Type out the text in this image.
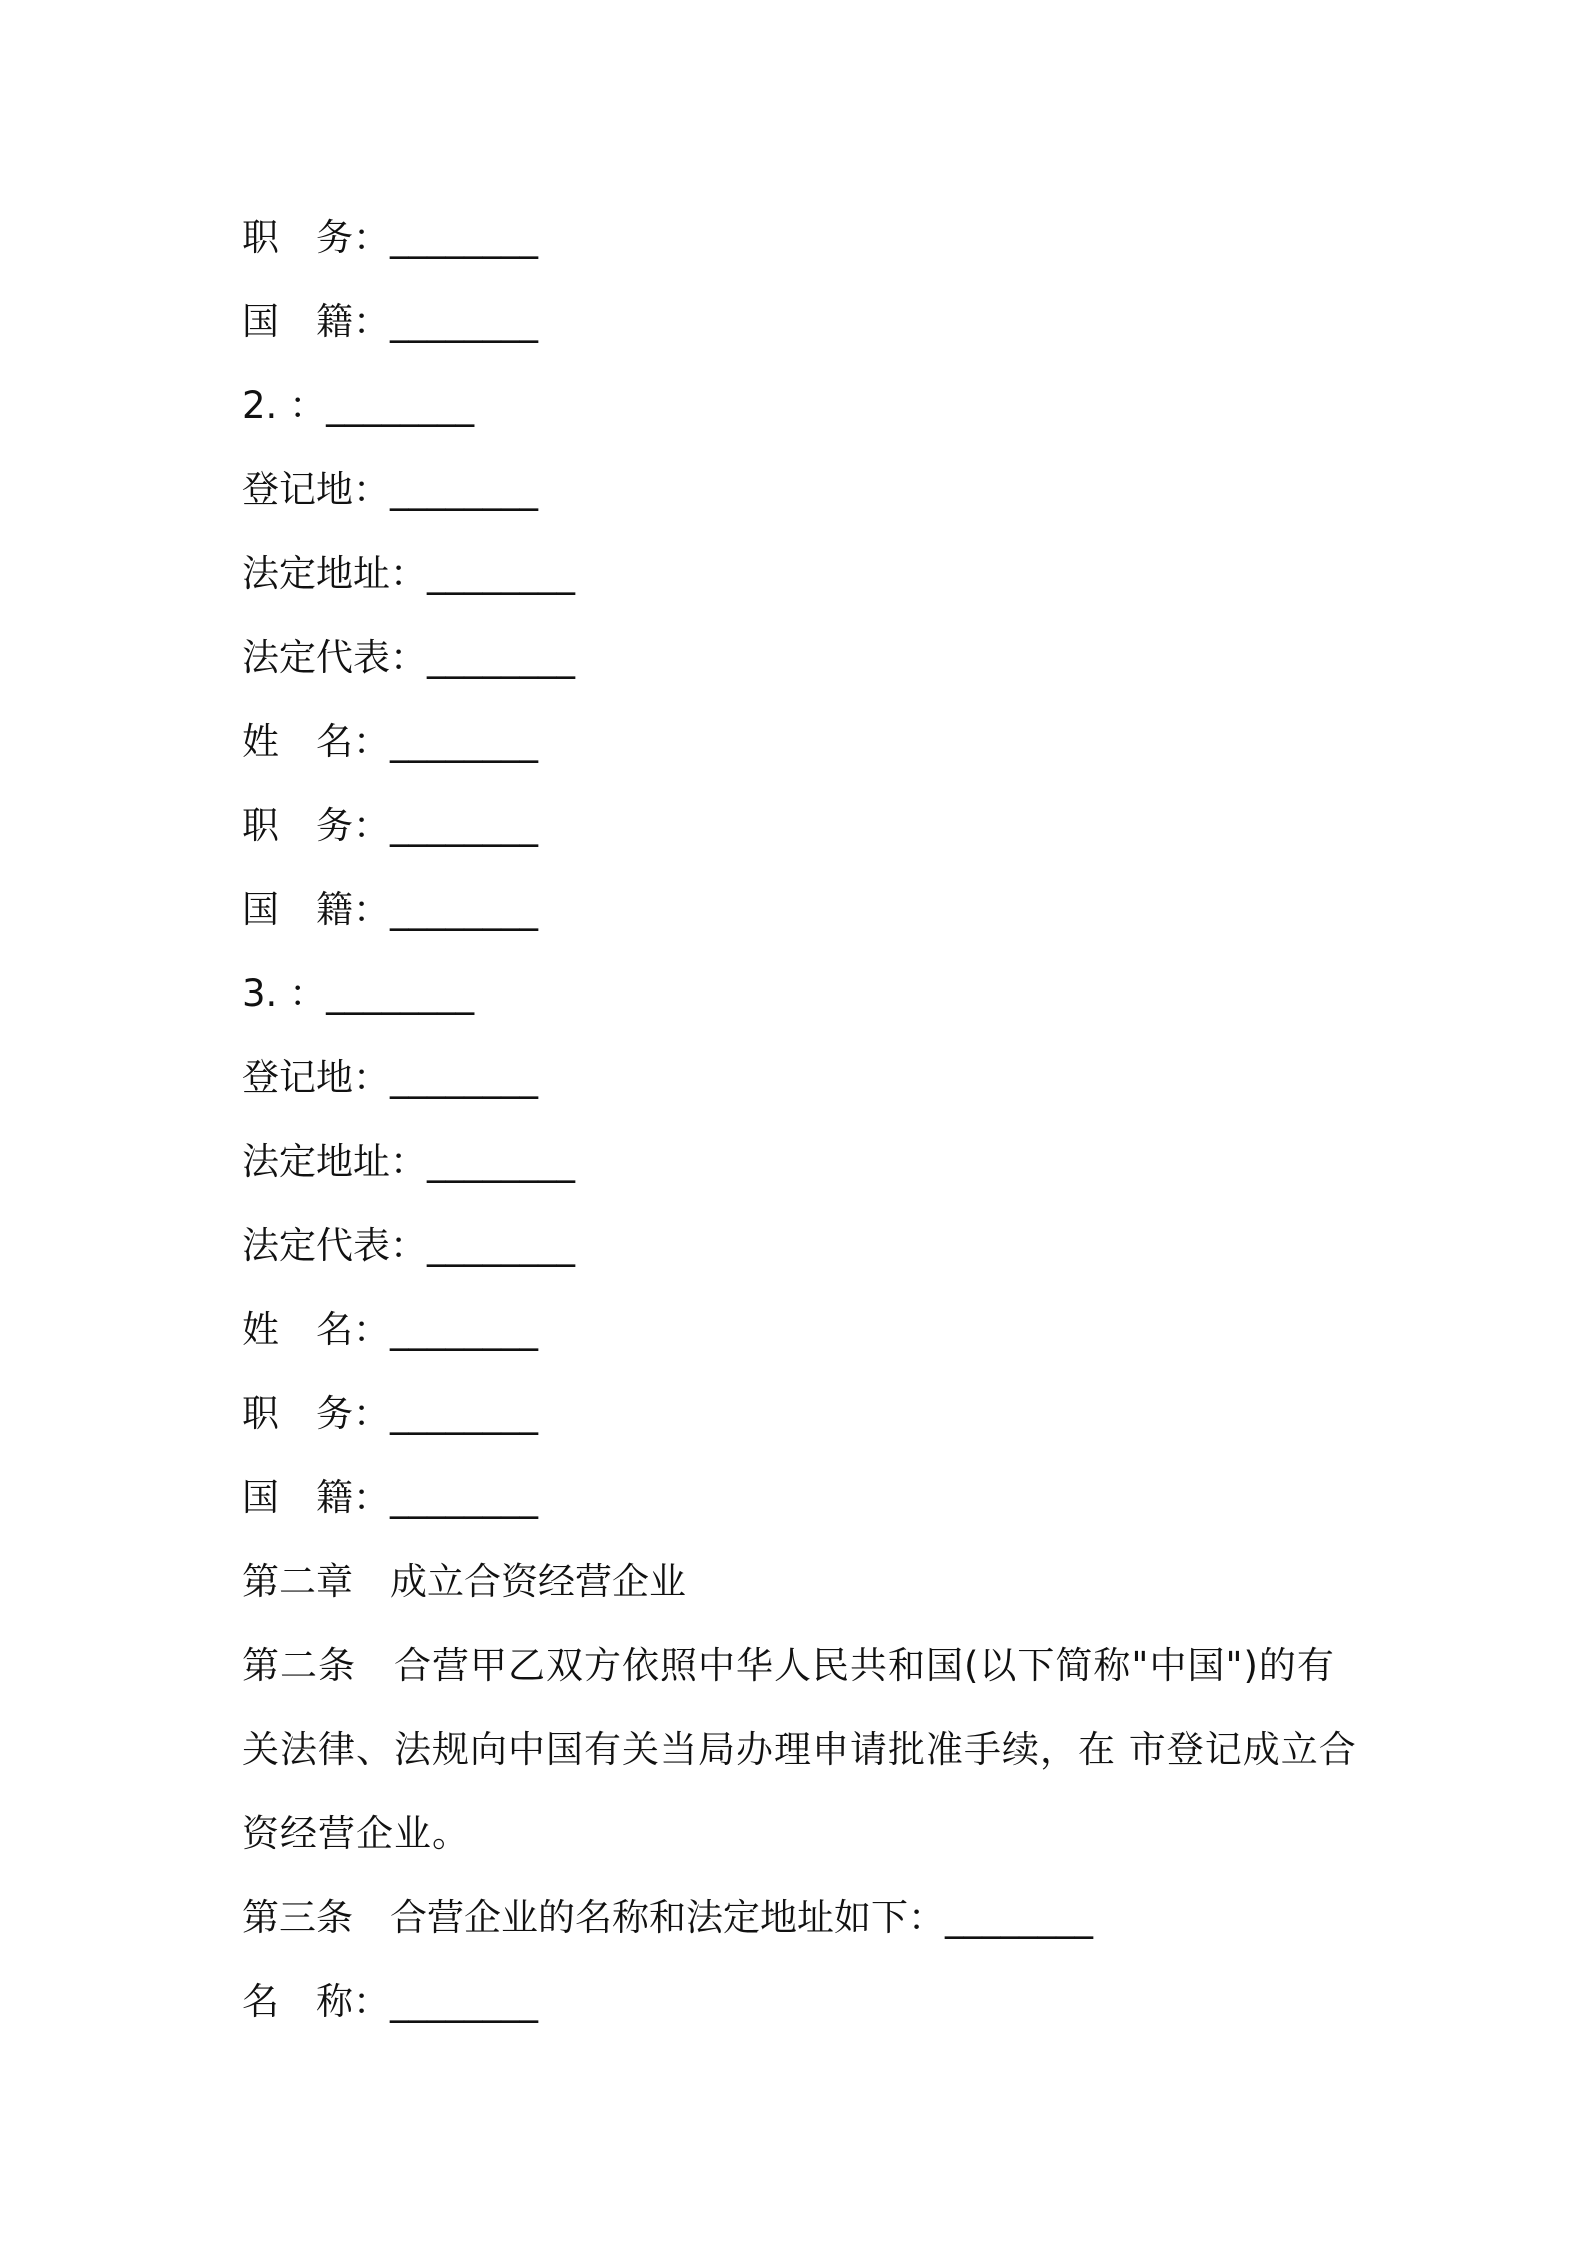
职　务：________
国　籍：________
2. ：________
登记地：________
法定地址：________
法定代表：________
姓　名：________
职　务：________
国　籍：________
3. ：________
登记地：________
法定地址：________
法定代表：________
姓　名：________
职　务：________
国　籍：________
第二章　成立合资经营企业
第二条　合营甲乙双方依照中华人民共和国(以下简称"中国")的有关法律、法规向中国有关当局办理申请批准手续，在 市登记成立合资经营企业。
第三条　合营企业的名称和法定地址如下：________
名　称：________
